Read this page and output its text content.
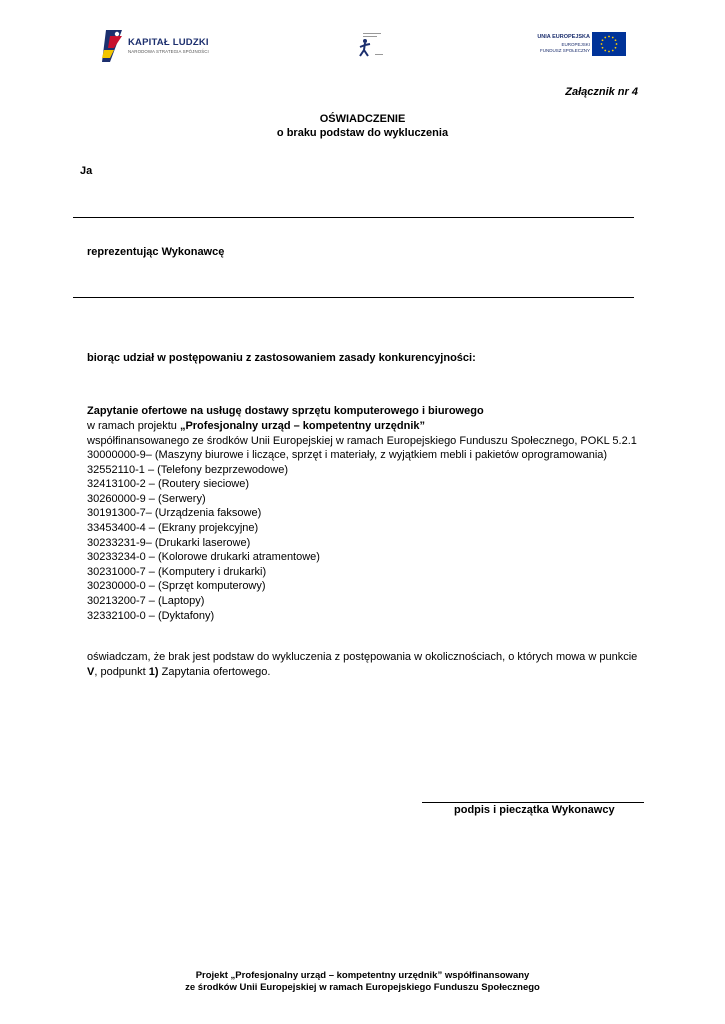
KAPITAŁ LUDZKI
NARODOWA STRATEGIA SPÓJNOŚCI
UNIA EUROPEJSKA
EUROPEJSKI
FUNDUSZ SPOŁECZNY
Załącznik nr 4
OŚWIADCZENIE
o braku podstaw do wykluczenia
Ja
reprezentując Wykonawcę
biorąc udział w postępowaniu z zastosowaniem zasady konkurencyjności:
Zapytanie ofertowe na usługę dostawy sprzętu komputerowego i biurowego
w ramach projektu „Profesjonalny urząd – kompetentny urzędnik”
współfinansowanego ze środków Unii Europejskiej w ramach Europejskiego Funduszu Społecznego, POKL 5.2.1
30000000-9– (Maszyny biurowe i liczące, sprzęt i materiały, z wyjątkiem mebli i pakietów oprogramowania)
32552110-1 – (Telefony bezprzewodowe)
32413100-2 – (Routery sieciowe)
30260000-9 – (Serwery)
30191300-7– (Urządzenia faksowe)
33453400-4 – (Ekrany projekcyjne)
30233231-9– (Drukarki laserowe)
30233234-0 – (Kolorowe drukarki atramentowe)
30231000-7 – (Komputery i drukarki)
30230000-0 – (Sprzęt komputerowy)
30213200-7 – (Laptopy)
32332100-0 – (Dyktafony)
oświadczam, że brak jest podstaw do wykluczenia z postępowania w okolicznościach, o których mowa w punkcie
V, podpunkt 1) Zapytania ofertowego.
podpis i pieczątka Wykonawcy
Projekt „Profesjonalny urząd – kompetentny urzędnik” współfinansowany
ze środków Unii Europejskiej w ramach Europejskiego Funduszu Społecznego
